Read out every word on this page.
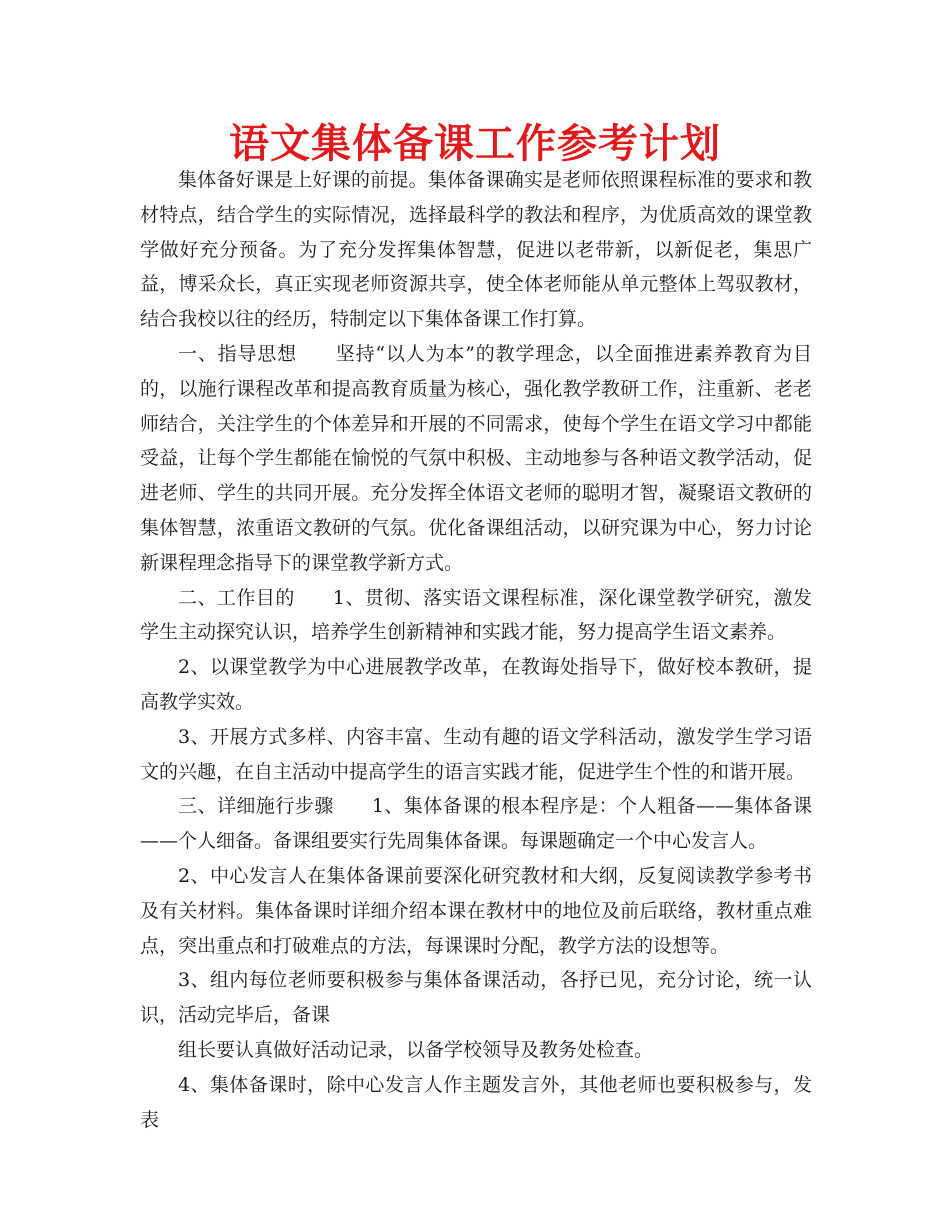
语文集体备课工作参考计划

集体备好课是上好课的前提。集体备课确实是老师依照课程标准的要求和教材特点，结合学生的实际情况，选择最科学的教法和程序，为优质高效的课堂教学做好充分预备。为了充分发挥集体智慧，促进以老带新，以新促老，集思广益，博采众长，真正实现老师资源共享，使全体老师能从单元整体上驾驭教材，结合我校以往的经历，特制定以下集体备课工作打算。

一、指导思想 坚持“以人为本”的教学理念，以全面推进素养教育为目的，以施行课程改革和提高教育质量为核心，强化教学教研工作，注重新、老老师结合，关注学生的个体差异和开展的不同需求，使每个学生在语文学习中都能受益，让每个学生都能在愉悦的气氛中积极、主动地参与各种语文教学活动，促进老师、学生的共同开展。充分发挥全体语文老师的聪明才智，凝聚语文教研的集体智慧，浓重语文教研的气氛。优化备课组活动，以研究课为中心，努力讨论新课程理念指导下的课堂教学新方式。

二、工作目的 1、贯彻、落实语文课程标准，深化课堂教学研究，激发学生主动探究认识，培养学生创新精神和实践才能，努力提高学生语文素养。

2、以课堂教学为中心进展教学改革，在教诲处指导下，做好校本教研，提高教学实效。

3、开展方式多样、内容丰富、生动有趣的语文学科活动，激发学生学习语文的兴趣，在自主活动中提高学生的语言实践才能，促进学生个性的和谐开展。

三、详细施行步骤 1、集体备课的根本程序是：个人粗备——集体备课——个人细备。备课组要实行先周集体备课。每课题确定一个中心发言人。

2、中心发言人在集体备课前要深化研究教材和大纲，反复阅读教学参考书及有关材料。集体备课时详细介绍本课在教材中的地位及前后联络，教材重点难点，突出重点和打破难点的方法，每课课时分配，教学方法的设想等。

3、组内每位老师要积极参与集体备课活动，各抒已见，充分讨论，统一认识，活动完毕后，备课

组长要认真做好活动记录，以备学校领导及教务处检查。

4、集体备课时，除中心发言人作主题发言外，其他老师也要积极参与，发表
